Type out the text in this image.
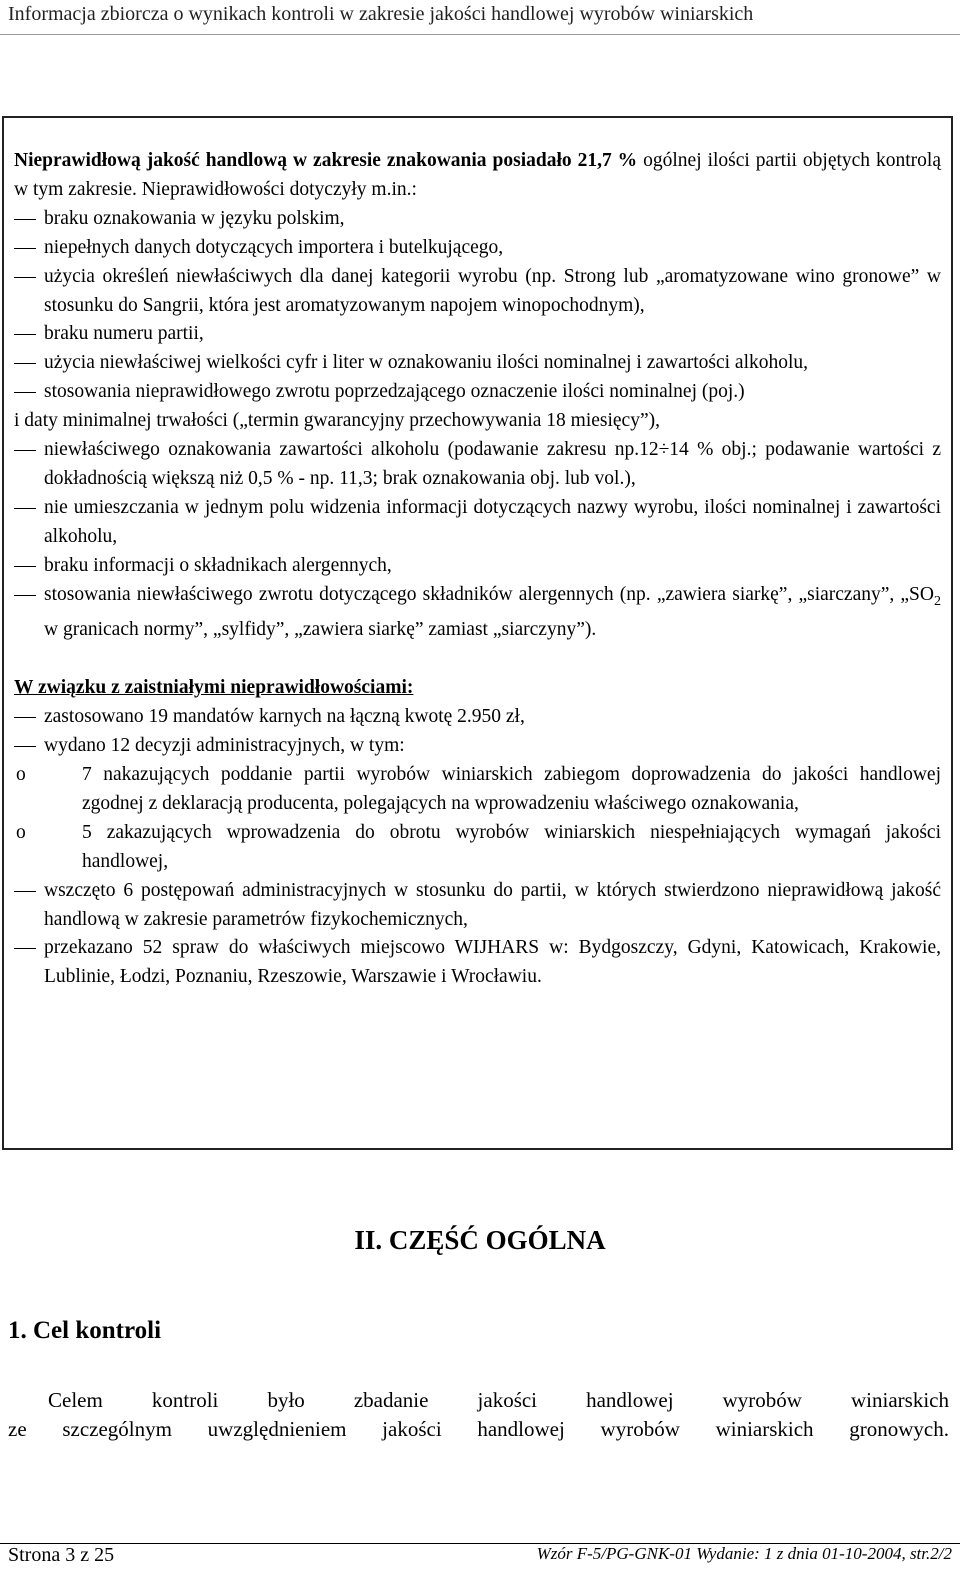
Informacja zbiorcza o wynikach kontroli w zakresie jakości handlowej wyrobów winiarskich

Nieprawidłową jakość handlową w zakresie znakowania posiadało 21,7 % ogólnej ilości partii objętych kontrolą w tym zakresie. Nieprawidłowości dotyczyły m.in.:

braku oznakowania w języku polskim,
niepełnych danych dotyczących importera i butelkującego,
użycia określeń niewłaściwych dla danej kategorii wyrobu (np. Strong lub „aromatyzowane wino gronowe” w stosunku do Sangrii, która jest aromatyzowanym napojem winopochodnym),
braku numeru partii,
użycia niewłaściwej wielkości cyfr i liter w oznakowaniu ilości nominalnej i zawartości alkoholu,
stosowania nieprawidłowego zwrotu poprzedzającego oznaczenie ilości nominalnej (poj.)

i daty minimalnej trwałości („termin gwarancyjny przechowywania 18 miesięcy”),

niewłaściwego oznakowania zawartości alkoholu (podawanie zakresu np.12÷14 % obj.; podawanie wartości z dokładnością większą niż 0,5 % - np. 11,3; brak oznakowania obj. lub vol.),
nie umieszczania w jednym polu widzenia informacji dotyczących nazwy wyrobu, ilości nominalnej i zawartości alkoholu,
braku informacji o składnikach alergennych,
stosowania niewłaściwego zwrotu dotyczącego składników alergennych (np. „zawiera siarkę”, „siarczany”, $„SO_2$ w granicach normy”, „sylfidy”, „zawiera siarkę” zamiast „siarczyny”).

W związku z zaistniałymi nieprawidłowościami:

zastosowano 19 mandatów karnych na łączną kwotę 2.950 zł,
wydano 12 decyzji administracyjnych, w tym:
o	7 nakazujących poddanie partii wyrobów winiarskich zabiegom doprowadzenia do jakości handlowej zgodnej z deklaracją producenta, polegających na wprowadzeniu właściwego oznakowania,
o	5 zakazujących wprowadzenia do obrotu wyrobów winiarskich niespełniających wymagań jakości handlowej,
wszczęto 6 postępowań administracyjnych w stosunku do partii, w których stwierdzono nieprawidłową jakość handlową w zakresie parametrów fizykochemicznych,
przekazano 52 spraw do właściwych miejscowo WIJHARS w: Bydgoszczy, Gdyni, Katowicach, Krakowie, Lublinie, Łodzi, Poznaniu, Rzeszowie, Warszawie i Wrocławiu.
II. CZĘŚĆ OGÓLNA
1. Cel kontroli
Celem kontroli było zbadanie jakości handlowej wyrobów winiarskich
ze szczególnym uwzględnieniem jakości handlowej wyrobów winiarskich gronowych.
Strona 3 z 25	Wzór F-5/PG-GNK-01 Wydanie: 1 z dnia 01-10-2004, str.2/2
